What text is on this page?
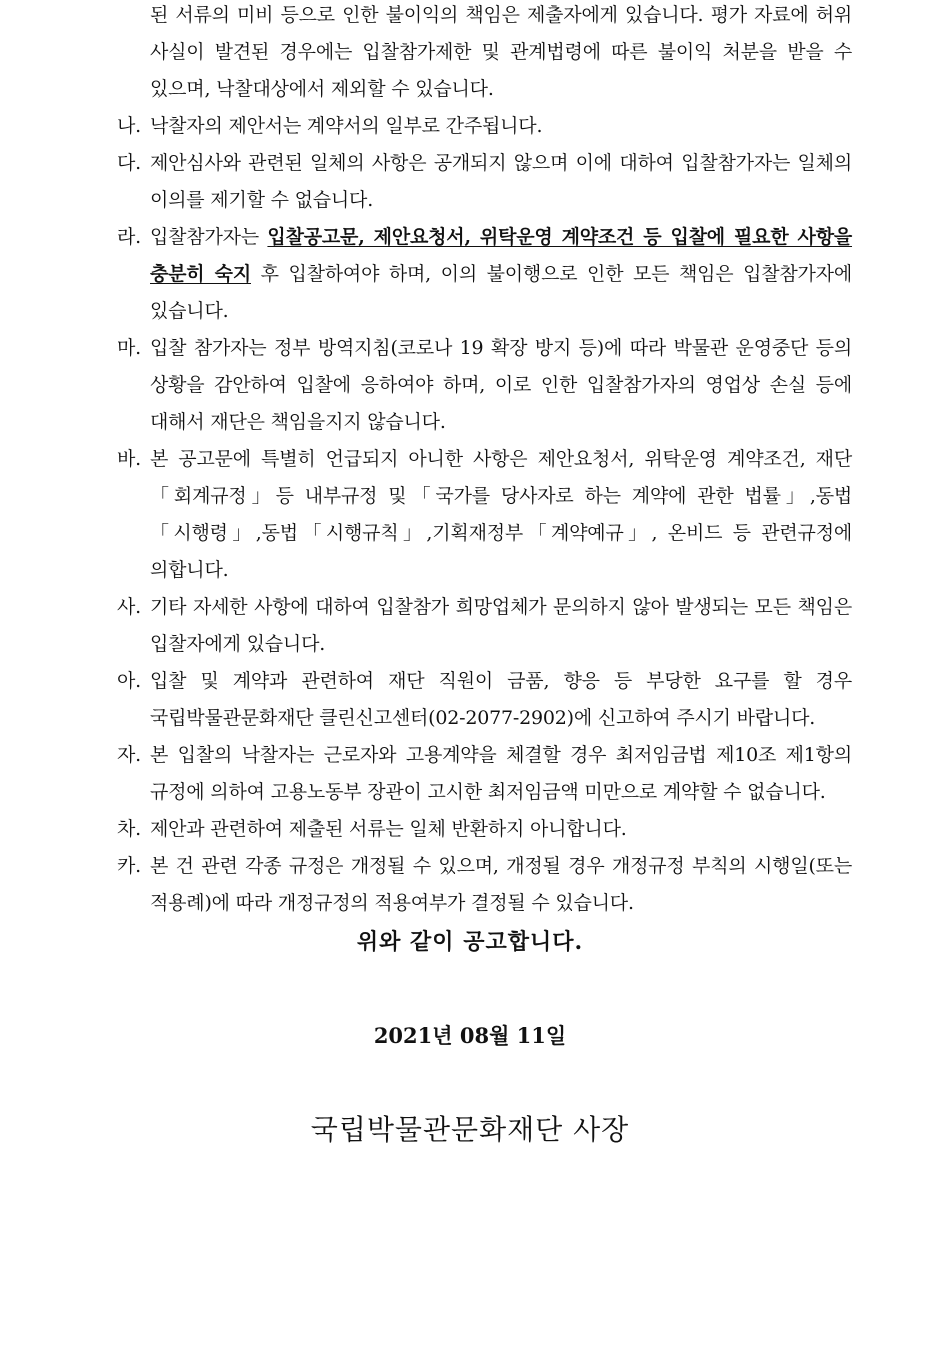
된 서류의 미비 등으로 인한 불이익의 책임은 제출자에게 있습니다. 평가 자료에 허위 사실이 발견된 경우에는 입찰참가제한 및 관계법령에 따른 불이익 처분을 받을 수 있으며, 낙찰대상에서 제외할 수 있습니다.
나. 낙찰자의 제안서는 계약서의 일부로 간주됩니다.
다. 제안심사와 관련된 일체의 사항은 공개되지 않으며 이에 대하여 입찰참가자는 일체의 이의를 제기할 수 없습니다.
라. 입찰참가자는 입찰공고문, 제안요청서, 위탁운영 계약조건 등 입찰에 필요한 사항을 충분히 숙지 후 입찰하여야 하며, 이의 불이행으로 인한 모든 책임은 입찰참가자에 있습니다.
마. 입찰 참가자는 정부 방역지침(코로나 19 확장 방지 등)에 따라 박물관 운영중단 등의 상황을 감안하여 입찰에 응하여야 하며, 이로 인한 입찰참가자의 영업상 손실 등에 대해서 재단은 책임을지지 않습니다.
바. 본 공고문에 특별히 언급되지 아니한 사항은 제안요청서, 위탁운영 계약조건, 재단「회계규정」등 내부규정 및「국가를 당사자로 하는 계약에 관한 법률」,동법「시행령」,동법「시행규칙」,기획재정부「계약예규」, 온비드 등 관련규정에 의합니다.
사. 기타 자세한 사항에 대하여 입찰참가 희망업체가 문의하지 않아 발생되는 모든 책임은 입찰자에게 있습니다.
아. 입찰 및 계약과 관련하여 재단 직원이 금품, 향응 등 부당한 요구를 할 경우 국립박물관문화재단 클린신고센터(02-2077-2902)에 신고하여 주시기 바랍니다.
자. 본 입찰의 낙찰자는 근로자와 고용계약을 체결할 경우 최저임금법 제10조 제1항의 규정에 의하여 고용노동부 장관이 고시한 최저임금액 미만으로 계약할 수 없습니다.
차. 제안과 관련하여 제출된 서류는 일체 반환하지 아니합니다.
카. 본 건 관련 각종 규정은 개정될 수 있으며, 개정될 경우 개정규정 부칙의 시행일(또는 적용례)에 따라 개정규정의 적용여부가 결정될 수 있습니다.

위와 같이 공고합니다.

2021년 08월 11일

국립박물관문화재단 사장
